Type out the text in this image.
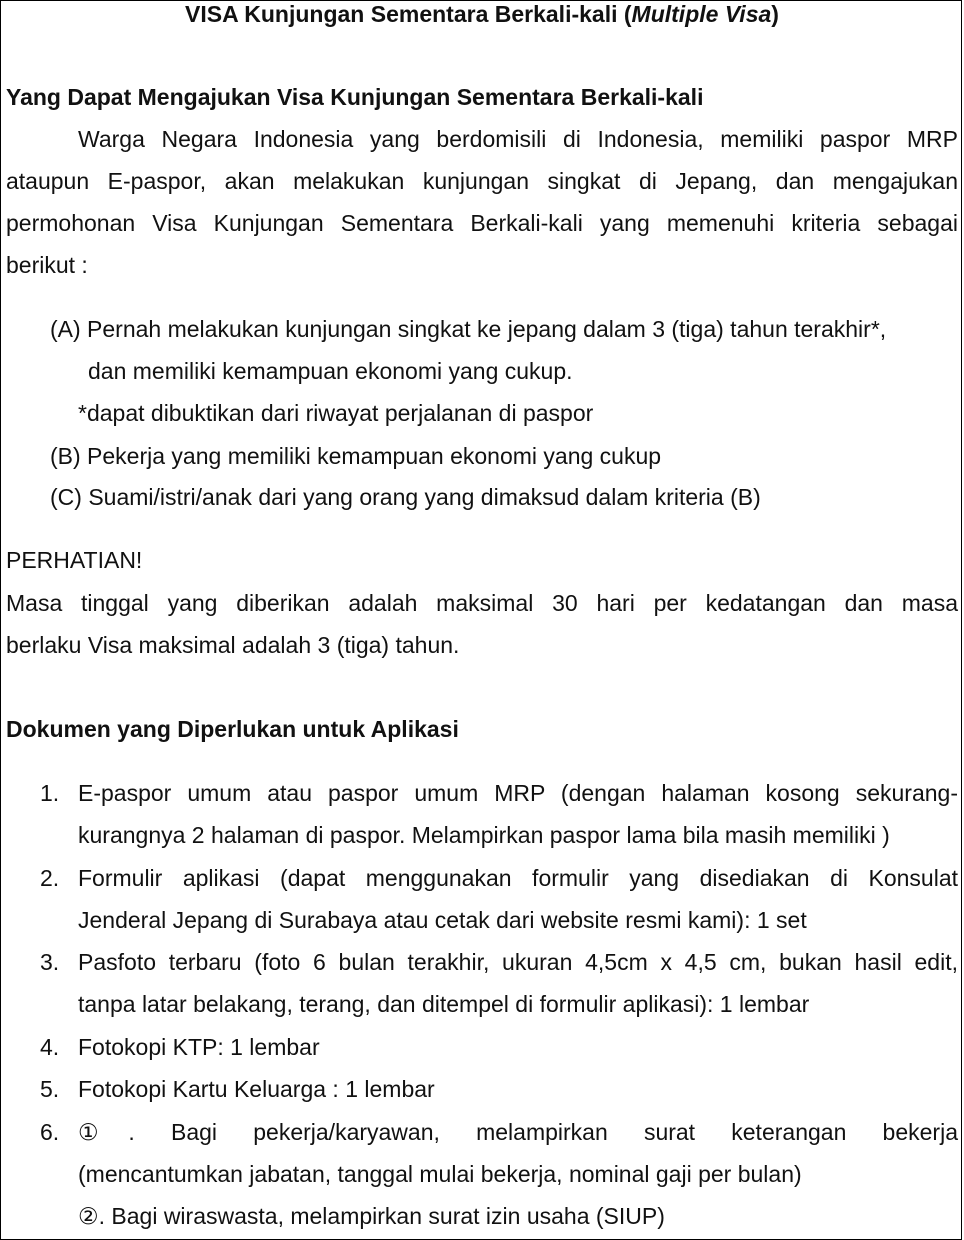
VISA Kunjungan Sementara Berkali-kali (Multiple Visa)
Yang Dapat Mengajukan Visa Kunjungan Sementara Berkali-kali
Warga Negara Indonesia yang berdomisili di Indonesia, memiliki paspor MRP
ataupun E-paspor, akan melakukan kunjungan singkat di Jepang, dan mengajukan
permohonan Visa Kunjungan Sementara Berkali-kali yang memenuhi kriteria sebagai
berikut :
(A) Pernah melakukan kunjungan singkat ke jepang dalam 3 (tiga) tahun terakhir*,
dan memiliki kemampuan ekonomi yang cukup.
*dapat dibuktikan dari riwayat perjalanan di paspor
(B) Pekerja yang memiliki kemampuan ekonomi yang cukup
(C) Suami/istri/anak dari yang orang yang dimaksud dalam kriteria (B)
PERHATIAN!
Masa tinggal yang diberikan adalah maksimal 30 hari per kedatangan dan masa
berlaku Visa maksimal adalah 3 (tiga) tahun.
Dokumen yang Diperlukan untuk Aplikasi
1. E-paspor umum atau paspor umum MRP (dengan halaman kosong sekurang-
kurangnya 2 halaman di paspor. Melampirkan paspor lama bila masih memiliki )
2. Formulir aplikasi (dapat menggunakan formulir yang disediakan di Konsulat
Jenderal Jepang di Surabaya atau cetak dari website resmi kami): 1 set
3. Pasfoto terbaru (foto 6 bulan terakhir, ukuran 4,5cm x 4,5 cm, bukan hasil edit,
tanpa latar belakang, terang, dan ditempel di formulir aplikasi): 1 lembar
4. Fotokopi KTP: 1 lembar
5. Fotokopi Kartu Keluarga : 1 lembar
6. ①. Bagi pekerja/karyawan, melampirkan surat keterangan bekerja
(mencantumkan jabatan, tanggal mulai bekerja, nominal gaji per bulan)
②. Bagi wiraswasta, melampirkan surat izin usaha (SIUP)
